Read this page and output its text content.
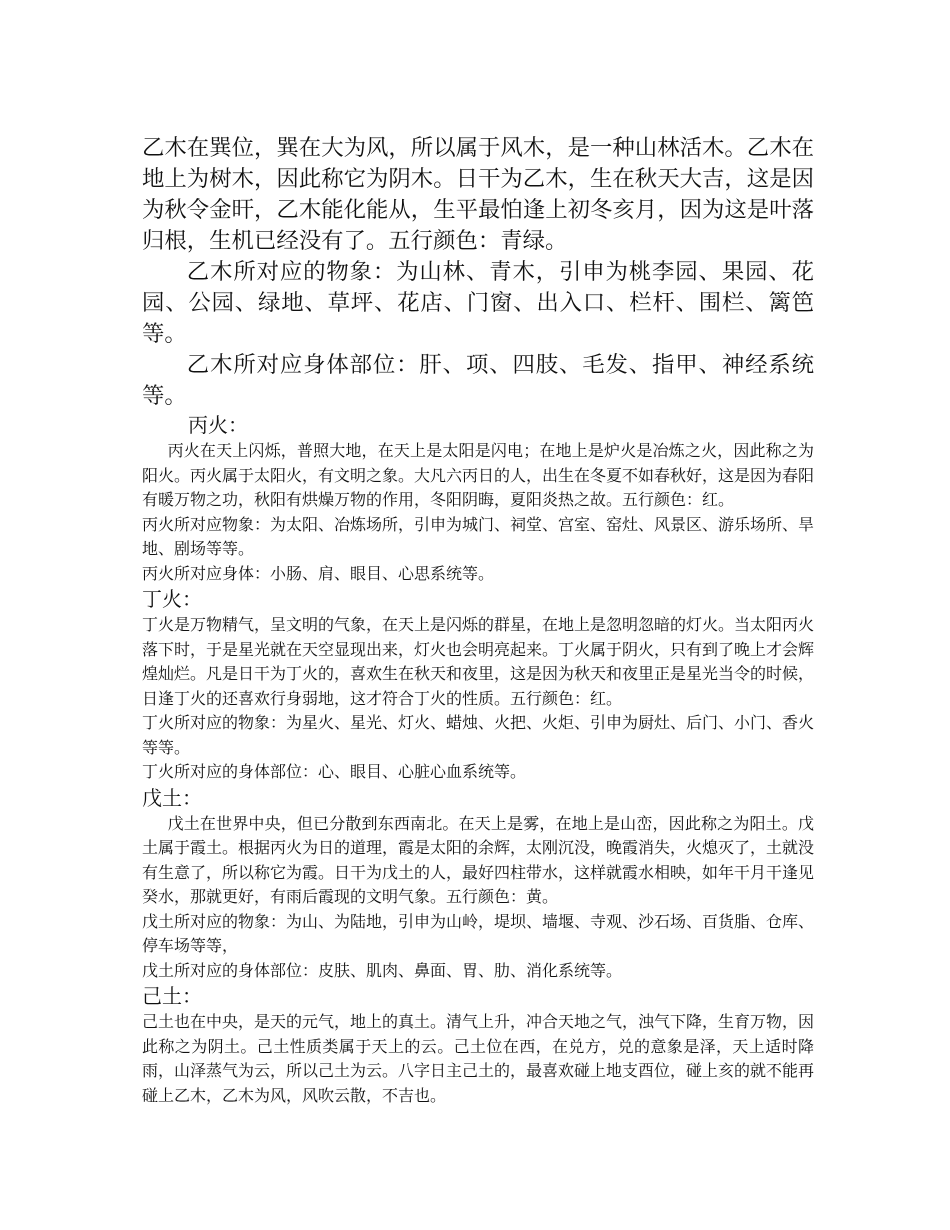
乙木在巽位，巽在大为风，所以属于风木，是一种山林活木。乙木在地上为树木，因此称它为阴木。日干为乙木，生在秋天大吉，这是因为秋令金旰，乙木能化能从，生平最怕逢上初冬亥月，因为这是叶落归根，生机已经没有了。五行颜色：青绿。

乙木所对应的物象：为山林、青木，引申为桃李园、果园、花园、公园、绿地、草坪、花店、门窗、出入口、栏杆、围栏、篱笆等。

乙木所对应身体部位：肝、项、四肢、毛发、指甲、神经系统等。

丙火：

丙火在天上闪烁，普照大地，在天上是太阳是闪电；在地上是炉火是冶炼之火，因此称之为阳火。丙火属于太阳火，有文明之象。大凡六丙日的人，出生在冬夏不如春秋好，这是因为春阳有暖万物之功，秋阳有烘燥万物的作用，冬阳阴晦，夏阳炎热之故。五行颜色：红。

丙火所对应物象：为太阳、冶炼场所，引申为城门、祠堂、宫室、窑灶、风景区、游乐场所、旱地、剧场等等。

丙火所对应身体：小肠、肩、眼目、心思系统等。

丁火：

丁火是万物精气，呈文明的气象，在天上是闪烁的群星，在地上是忽明忽暗的灯火。当太阳丙火落下时，于是星光就在天空显现出来，灯火也会明亮起来。丁火属于阴火，只有到了晚上才会辉煌灿烂。凡是日干为丁火的，喜欢生在秋天和夜里，这是因为秋天和夜里正是星光当令的时候，日逢丁火的还喜欢行身弱地，这才符合丁火的性质。五行颜色：红。

丁火所对应的物象：为星火、星光、灯火、蜡烛、火把、火炬、引申为厨灶、后门、小门、香火等等。

丁火所对应的身体部位：心、眼目、心脏心血系统等。

戊土：

戊土在世界中央，但已分散到东西南北。在天上是雾，在地上是山峦，因此称之为阳土。戊土属于霞土。根据丙火为日的道理，霞是太阳的余辉，太刚沉没，晚霞消失，火熄灭了，土就没有生意了，所以称它为霞。日干为戊土的人，最好四柱带水，这样就霞水相映，如年干月干逢见癸水，那就更好，有雨后霞现的文明气象。五行颜色：黄。

戊土所对应的物象：为山、为陆地，引申为山岭，堤坝、墙堰、寺观、沙石场、百货脂、仓库、停车场等等，

戊土所对应的身体部位：皮肤、肌肉、鼻面、胃、肋、消化系统等。

己土：

己土也在中央，是天的元气，地上的真土。清气上升，冲合天地之气，浊气下降，生育万物，因此称之为阴土。己土性质类属于天上的云。己土位在西，在兑方，兑的意象是泽，天上适时降雨，山泽蒸气为云，所以己土为云。八字日主己土的，最喜欢碰上地支酉位，碰上亥的就不能再碰上乙木，乙木为风，风吹云散，不吉也。
